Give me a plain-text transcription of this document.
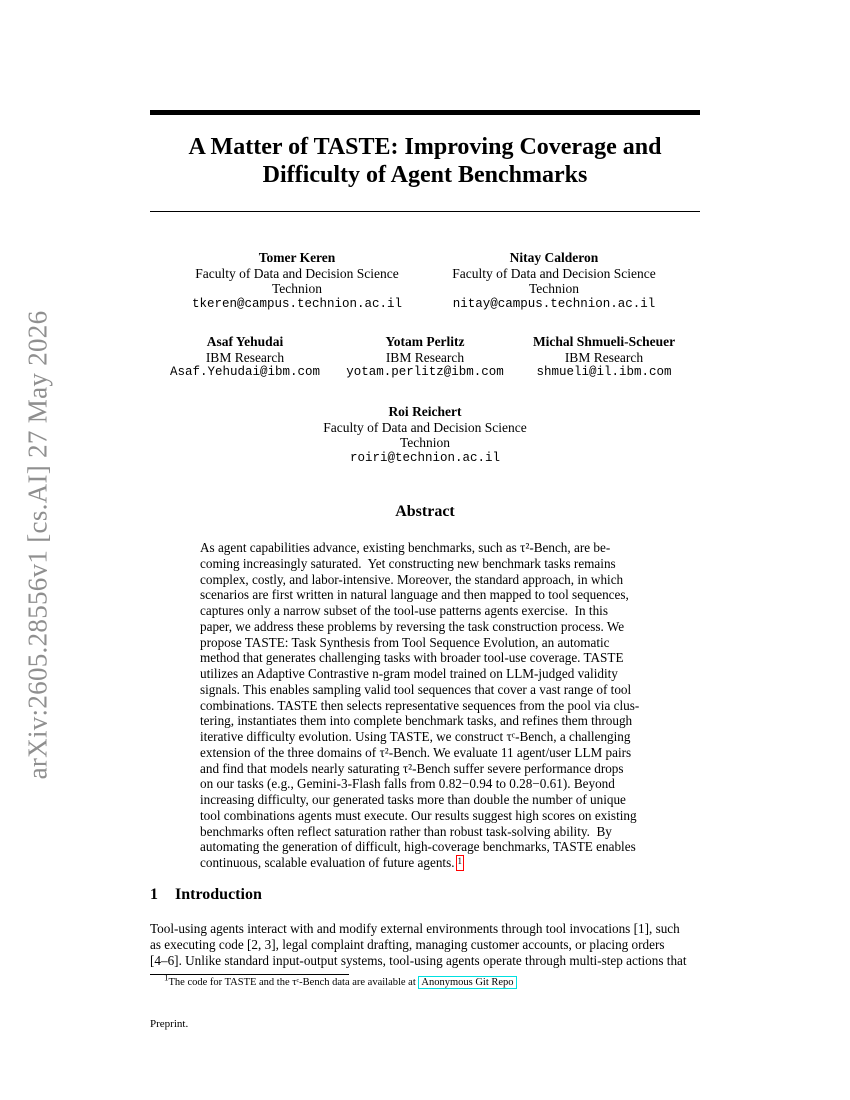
arXiv:2605.28556v1 [cs.AI] 27 May 2026
A Matter of TASTE: Improving Coverage and
Difficulty of Agent Benchmarks
Tomer Keren
Faculty of Data and Decision Science
Technion
tkeren@campus.technion.ac.il
Nitay Calderon
Faculty of Data and Decision Science
Technion
nitay@campus.technion.ac.il
Asaf Yehudai
IBM Research
Asaf.Yehudai@ibm.com
Yotam Perlitz
IBM Research
yotam.perlitz@ibm.com
Michal Shmueli-Scheuer
IBM Research
shmueli@il.ibm.com
Roi Reichert
Faculty of Data and Decision Science
Technion
roiri@technion.ac.il
Abstract
As agent capabilities advance, existing benchmarks, such as τ²-Bench, are be-
coming increasingly saturated.  Yet constructing new benchmark tasks remains
complex, costly, and labor-intensive. Moreover, the standard approach, in which
scenarios are first written in natural language and then mapped to tool sequences,
captures only a narrow subset of the tool-use patterns agents exercise.  In this
paper, we address these problems by reversing the task construction process. We
propose TASTE: Task Synthesis from Tool Sequence Evolution, an automatic
method that generates challenging tasks with broader tool-use coverage. TASTE
utilizes an Adaptive Contrastive n-gram model trained on LLM-judged validity
signals. This enables sampling valid tool sequences that cover a vast range of tool
combinations. TASTE then selects representative sequences from the pool via clus-
tering, instantiates them into complete benchmark tasks, and refines them through
iterative difficulty evolution. Using TASTE, we construct τᶜ-Bench, a challenging
extension of the three domains of τ²-Bench. We evaluate 11 agent/user LLM pairs
and find that models nearly saturating τ²-Bench suffer severe performance drops
on our tasks (e.g., Gemini-3-Flash falls from 0.82−0.94 to 0.28−0.61). Beyond
increasing difficulty, our generated tasks more than double the number of unique
tool combinations agents must execute. Our results suggest high scores on existing
benchmarks often reflect saturation rather than robust task-solving ability.  By
automating the generation of difficult, high-coverage benchmarks, TASTE enables
continuous, scalable evaluation of future agents. 1
1 Introduction
Tool-using agents interact with and modify external environments through tool invocations [1], such
as executing code [2, 3], legal complaint drafting, managing customer accounts, or placing orders
[4–6]. Unlike standard input-output systems, tool-using agents operate through multi-step actions that
$^1$The code for TASTE and the τᶜ-Bench data are available at Anonymous Git Repo
Preprint.
